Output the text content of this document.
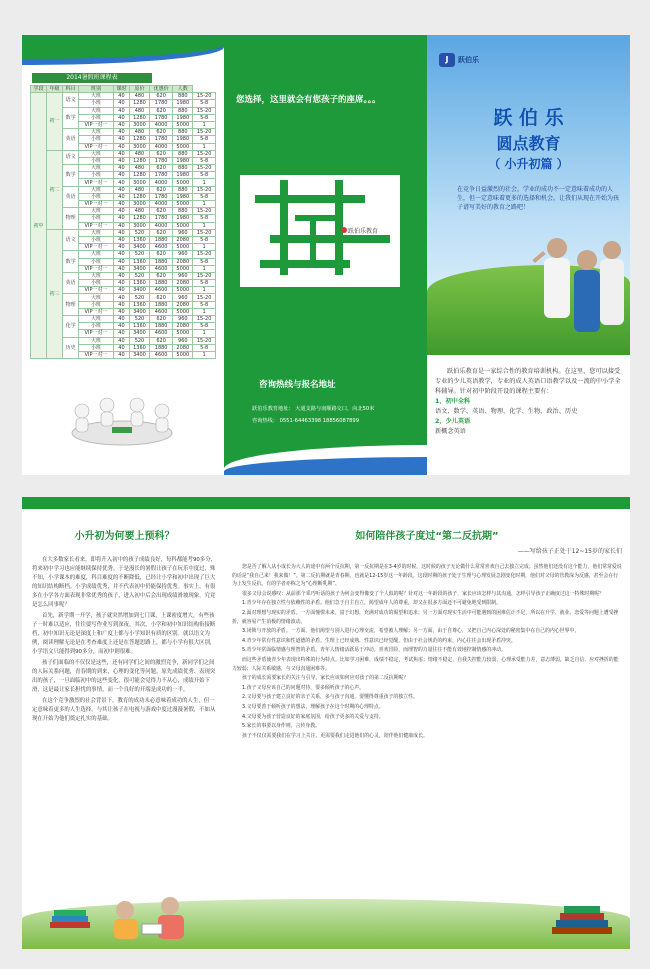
2014暑假班课程表
学段	年级	科目	班别	课时	原价	优惠价	人数	
初中	初一	语文	大班	40	480	620	880	15-20
			小班	40	1280	1780	1980	5-8
		数学	大班	40	480	620	880	15-20
			小班	40	1280	1780	1980	5-8
			VIP一对一	40	3000	4000	5000	1
		英语	大班	40	480	620	880	15-20
			小班	40	1280	1780	1980	5-8
			VIP一对一	40	3000	4000	5000	1
	初二	语文	大班	40	480	620	880	15-20
			小班	40	1280	1780	1980	5-8
		数学	大班	40	480	620	880	15-20
			小班	40	1280	1780	1980	5-8
			VIP一对一	40	3000	4000	5000	1
		英语	大班	40	480	620	880	15-20
			小班	40	1280	1780	1980	5-8
			VIP一对一	40	3000	4000	5000	1
		物理	大班	40	480	620	880	15-20
			小班	40	1280	1780	1980	5-8
			VIP一对一	40	3000	4000	5000	1
	初三	语文	大班	40	520	620	960	15-20
			小班	40	1360	1880	2080	5-8
			VIP一对一	40	3400	4600	5000	1
		数学	大班	40	520	620	960	15-20
			小班	40	1360	1880	2080	5-8
			VIP一对一	40	3400	4600	5000	1
		英语	大班	40	520	620	960	15-20
			小班	40	1360	1880	2080	5-8
			VIP一对一	40	3400	4600	5000	1
		物理	大班	40	520	620	960	15-20
			小班	40	1360	1880	2080	5-8
			VIP一对一	40	3400	4600	5000	1
		化学	大班	40	520	620	960	15-20
			小班	40	1360	1880	2080	5-8
			VIP一对一	40	3400	4600	5000	1
		历史	大班	40	520	620	960	15-20
			小班	40	1360	1880	2080	5-8
			VIP一对一	40	3400	4600	5000	1
您选择，这里就会有您孩子的座席。。。
跃伯乐教育
咨询热线与报名地址
跃伯乐教育地址： 大通支路与南顺路交口，向北50米
咨询热线： 0551-64463398 18856087899
J 跃伯乐
跃 伯 乐
圆点教育
（ 小升初篇 ）
在竞争日益激烈的社会，学业的成功不一定意味着成功的人生，但一定意味着更多的选择和机会。让我们从现在开始为孩子谱写美好的教育之路吧！
跃伯乐教育是一家综合性的教育培训机构。在这里，您可以接受专业的少儿英语教学，专业的成人英语口语教学以及一流的中小学全科辅导。针对初中阶段开设的课程主要有：
1，初中全科
语文、数学、英语、物理、化学、生物、政治、历史
2，少儿英语
新概念英语
小升初为何要上预科？

在大多数家长看来，即将升入初中的孩子成绩良好，每科都能考90多分，将来初中学习也应能继续保持优秀。于是漫长的暑假让孩子在玩乐中度过，殊不知，小学课本的难度，科目难度的不断降低，已经让小学和初中出现了巨大的知识结构断档。小学成绩优秀，并不代表初中仍能保持优秀。事实上，有很多在小学各方面表现非常优秀的孩子，进入初中后会出现成绩滑坡现象，究竟是怎么回事呢？

首先，新学期一开学，孩子就突然增加到七门课，上课密度增大，有些孩子一时难以适应，往往要写作业写到深夜。其次，小学和初中知识结构衔接断档，初中知识无论是深度上和广度上都与小学知识有质的区别。就以语文为例，阅读理解无论是在考查难度上还是在答题思路上，都与小学有很大区别，小学语文只能得到90多分，而初中则很难。

孩子们面临的不仅仅是这些，还有同学们之间的激烈竞争，新同学们之间的人际关系问题，青春期的到来，心理的变化等问题。原先成绩优秀、表现突出的孩子，一旦面临初中的这些变化，很可能会觉得力不从心，成绩开始下滑，这是最让家长担忧的事情，而一个良好的开端是成功的一半。

在这个竞争激烈的社会背景下，教育的成功未必意味着成功的人生，但一定意味着更多的人生选择。与其让孩子在电视与游戏中度过漫漫暑假，不如从现在开始为他们奠定扎实的基础。

如何陪伴孩子度过“第二反抗期”
——写给孩子正处于12~15岁的家长们

您是否了解人从小成长为大人的途中有两个反抗期，第一反抗期是在3-4岁的时候，这时候的孩子无论做什么常常喜欢自己去独立完成；虽然他们还没有这个能力，他们常常爱说的话是“我自己来！我来做！”。第二反抗期就是青春期，也就是12-15岁这一年龄段。这段时期的孩子处于生理与心理发展急剧变化时期，他们对父母的管教深为反感，甚至会在行为上发生反抗。有的学者亦称之为“心理断乳期”。

很多父母会说感叹：从前那个乖巧听话的孩子为何会变得像变了个人似的呢？针对这一年龄段的孩子，家长应该怎样与其沟通，怎样引导孩子正确度过这一特殊时期呢？

1.青少年存在独立性与依赖性的矛盾。他们急于自主自立，渴望成年人的尊重，却又在很多方面还不可避免地受到限制。

2.面对理想与现实的矛盾。一方面憧憬未来，富于幻想，充满对成功的渴望和追求；另一方面对现实生活中可能遇到的困难估计不足，所以在升学、就业、恋爱等问题上遭受挫折，就容易产生消极的情绪波动。

3.闭锁与开放的矛盾。一方面，他们渴望与别人进行心理交流，希望被人理解；另一方面，由于自尊心，又把自己内心深处的秘密集中在自己的内心世界中。

4.青少年常有性意识和性道德的矛盾。生理上已经成熟，性意识已经觉醒，但由于社会规范的约束，内心往往会出现矛盾冲突。

5.青少年常面临情感与理智的矛盾。青年人情绪活跃易于冲动，喜欢冒险，而理智的力量往往不能有效地控制情感的冲动。

而这些矛盾使青少年表现出特殊的行为特点。比如学习困难，成绩不稳定，考试焦虑；情绪不稳定，自我失控能力较弱，心理承受能力差，意志薄弱，缺乏自信，应对挫折的能力较弱；人际关系敏感，与父母沟通困难等。

孩子的成长需要家长的关注与引导。家长应该如何应对孩子的第二反抗期呢？

1.孩子父母应该自己的问题对待，要多倾听孩子的心声。

2.父母要与孩子建立良好的亲子关系，多与孩子沟通，要懂得尊重孩子的独立性。

3.父母要善于倾听孩子的想法，理解孩子在这个时期的心理特点。

4.父母要为孩子营造良好的家庭氛围，给孩子更多的关爱与支持。

5.家长的事要以身作则，言传身教。

孩子不仅仅需要我们在学习上关注，更需要我们走进他们的心灵，陪伴他们健康成长。
